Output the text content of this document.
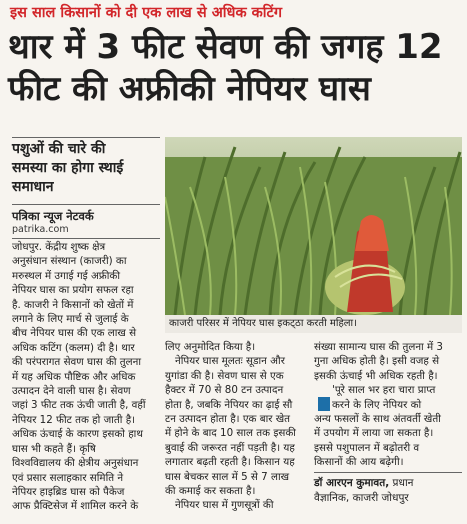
इस साल किसानों को दी एक लाख से अधिक कटिंग
थार में 3 फीट सेवण की जगह 12
फीट की अफ्रीकी नेपियर घास
पशुओं की चारे की
समस्या का होगा स्थाई
समाधान
पत्रिका न्यूज नेटवर्क
patrika.com
जोधपुर. केंद्रीय शुष्क क्षेत्र
अनुसंधान संस्थान (काजरी) का
मरुस्थल में उगाई गई अफ्रीकी
नेपियर घास का प्रयोग सफल रहा
है. काजरी ने किसानों को खेतों में
लगाने के लिए मार्च से जुलाई के
बीच नेपियर घास की एक लाख से
अधिक कटिंग (कलम) दी है। थार
की परंपरागत सेवण घास की तुलना
में यह अधिक पौष्टिक और अधिक
उत्पादन देने वाली घास है। सेवण
जहां 3 फीट तक ऊंची जाती है, वहीं
नेपियर 12 फीट तक हो जाती है।
अधिक ऊंचाई के कारण इसको हाथ
घास भी कहते हैं। कृषि
विश्वविद्यालय की क्षेत्रीय अनुसंधान
एवं प्रसार सलाहकार समिति ने
नेपियर हाइब्रिड घास को पैकेज
आफ प्रैक्टिसेज में शामिल करने के
काजरी परिसर में नेपियर घास इकट्‌ठा करती महिला।
लिए अनुमोदित किया है।
नेपियर घास मूलतः सूडान और
युगांडा की है। सेवण घास से एक
हैक्टर में 70 से 80 टन उत्पादन
होता है, जबकि नेपियर का ढ़ाई सौ
टन उत्पादन होता है। एक बार खेत
में होने के बाद 10 साल तक इसकी
बुवाई की जरूरत नहीं पड़ती है। यह
लगातार बढ़ती रहती है। किसान यह
घास बेचकर साल में 5 से 7 लाख
की कमाई कर सकता है।
नेपियर घास में गुणसूत्रों की
संख्या सामान्य घास की तुलना में 3
गुना अधिक होती है। इसी वजह से
इसकी ऊंचाई भी अधिक रहती है।
'पूरे साल भर हरा चारा प्राप्त
करने के लिए नेपियर को
अन्य फसलों के साथ अंतवर्ती खेती
में उपयोग में लाया जा सकता है।
इससे पशुपालन में बढ़ोतरी व
किसानों की आय बढ़ेगी।
डॉ आरएन कुमावत, प्रधान
वैज्ञानिक, काजरी जोधपुर
